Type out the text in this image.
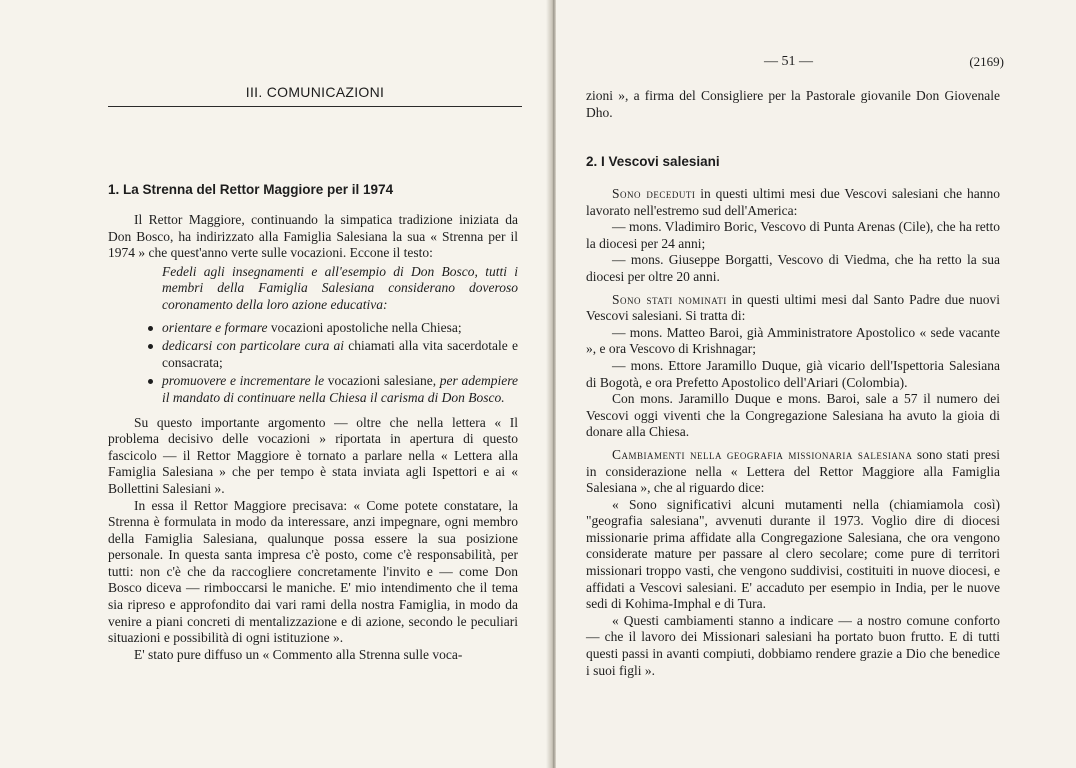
III. COMUNICAZIONI
1. La Strenna del Rettor Maggiore per il 1974

Il Rettor Maggiore, continuando la simpatica tradizione iniziata da Don Bosco, ha indirizzato alla Famiglia Salesiana la sua « Strenna per il 1974 » che quest'anno verte sulle vocazioni. Eccone il testo:

Fedeli agli insegnamenti e all'esempio di Don Bosco, tutti i membri della Famiglia Salesiana considerano doveroso coronamento della loro azione educativa:

orientare e formare vocazioni apostoliche nella Chiesa;
dedicarsi con particolare cura ai chiamati alla vita sacerdotale e consacrata;
promuovere e incrementare le vocazioni salesiane, per adempiere il mandato di continuare nella Chiesa il carisma di Don Bosco.

Su questo importante argomento — oltre che nella lettera « Il problema decisivo delle vocazioni » riportata in apertura di questo fascicolo — il Rettor Maggiore è tornato a parlare nella « Lettera alla Famiglia Salesiana » che per tempo è stata inviata agli Ispettori e ai « Bollettini Salesiani ».

In essa il Rettor Maggiore precisava: « Come potete constatare, la Strenna è formulata in modo da interessare, anzi impegnare, ogni membro della Famiglia Salesiana, qualunque possa essere la sua posizione personale. In questa santa impresa c'è posto, come c'è responsabilità, per tutti: non c'è che da raccogliere concretamente l'invito e — come Don Bosco diceva — rimboccarsi le maniche. E' mio intendimento che il tema sia ripreso e approfondito dai vari rami della nostra Famiglia, in modo da venire a piani concreti di mentalizzazione e di azione, secondo le peculiari situazioni e possibilità di ogni istituzione ».

E' stato pure diffuso un « Commento alla Strenna sulle voca-

— 51 —	(2169)

zioni », a firma del Consigliere per la Pastorale giovanile Don Giovenale Dho.

2. I Vescovi salesiani

Sono deceduti in questi ultimi mesi due Vescovi salesiani che hanno lavorato nell'estremo sud dell'America:

— mons. Vladimiro Boric, Vescovo di Punta Arenas (Cile), che ha retto la diocesi per 24 anni;

— mons. Giuseppe Borgatti, Vescovo di Viedma, che ha retto la sua diocesi per oltre 20 anni.

Sono stati nominati in questi ultimi mesi dal Santo Padre due nuovi Vescovi salesiani. Si tratta di:

— mons. Matteo Baroi, già Amministratore Apostolico « sede vacante », e ora Vescovo di Krishnagar;

— mons. Ettore Jaramillo Duque, già vicario dell'Ispettoria Salesiana di Bogotà, e ora Prefetto Apostolico dell'Ariari (Colombia).

Con mons. Jaramillo Duque e mons. Baroi, sale a 57 il numero dei Vescovi oggi viventi che la Congregazione Salesiana ha avuto la gioia di donare alla Chiesa.

Cambiamenti nella geografia missionaria salesiana sono stati presi in considerazione nella « Lettera del Rettor Maggiore alla Famiglia Salesiana », che al riguardo dice:

« Sono significativi alcuni mutamenti nella (chiamiamola così) "geografia salesiana", avvenuti durante il 1973. Voglio dire di diocesi missionarie prima affidate alla Congregazione Salesiana, che ora vengono considerate mature per passare al clero secolare; come pure di territori missionari troppo vasti, che vengono suddivisi, costituiti in nuove diocesi, e affidati a Vescovi salesiani. E' accaduto per esempio in India, per le nuove sedi di Kohima-Imphal e di Tura.

« Questi cambiamenti stanno a indicare — a nostro comune conforto — che il lavoro dei Missionari salesiani ha portato buon frutto. E di tutti questi passi in avanti compiuti, dobbiamo rendere grazie a Dio che benedice i suoi figli ».
